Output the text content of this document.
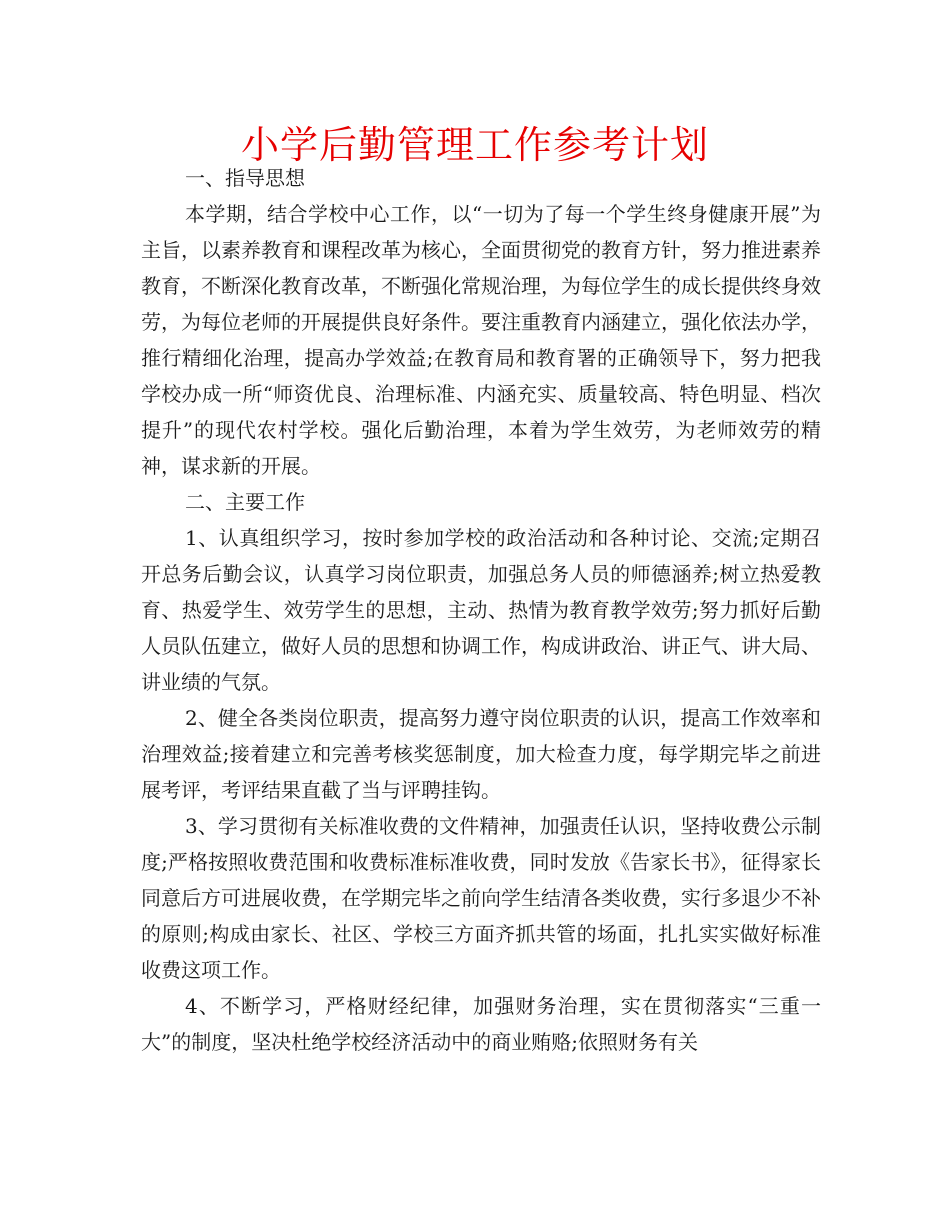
小学后勤管理工作参考计划

一、指导思想

本学期，结合学校中心工作，以“一切为了每一个学生终身健康开展”为主旨，以素养教育和课程改革为核心，全面贯彻党的教育方针，努力推进素养教育，不断深化教育改革，不断强化常规治理，为每位学生的成长提供终身效劳，为每位老师的开展提供良好条件。要注重教育内涵建立，强化依法办学，推行精细化治理，提高办学效益;在教育局和教育署的正确领导下，努力把我学校办成一所“师资优良、治理标准、内涵充实、质量较高、特色明显、档次提升”的现代农村学校。强化后勤治理，本着为学生效劳，为老师效劳的精神，谋求新的开展。

二、主要工作

1、认真组织学习，按时参加学校的政治活动和各种讨论、交流;定期召开总务后勤会议，认真学习岗位职责，加强总务人员的师德涵养;树立热爱教育、热爱学生、效劳学生的思想，主动、热情为教育教学效劳;努力抓好后勤人员队伍建立，做好人员的思想和协调工作，构成讲政治、讲正气、讲大局、讲业绩的气氛。

2、健全各类岗位职责，提高努力遵守岗位职责的认识，提高工作效率和治理效益;接着建立和完善考核奖惩制度，加大检查力度，每学期完毕之前进展考评，考评结果直截了当与评聘挂钩。

3、学习贯彻有关标准收费的文件精神，加强责任认识，坚持收费公示制度;严格按照收费范围和收费标准标准收费，同时发放《告家长书》，征得家长同意后方可进展收费，在学期完毕之前向学生结清各类收费，实行多退少不补的原则;构成由家长、社区、学校三方面齐抓共管的场面，扎扎实实做好标准收费这项工作。

4、不断学习，严格财经纪律，加强财务治理，实在贯彻落实“三重一大”的制度，坚决杜绝学校经济活动中的商业贿赂;依照财务有关
